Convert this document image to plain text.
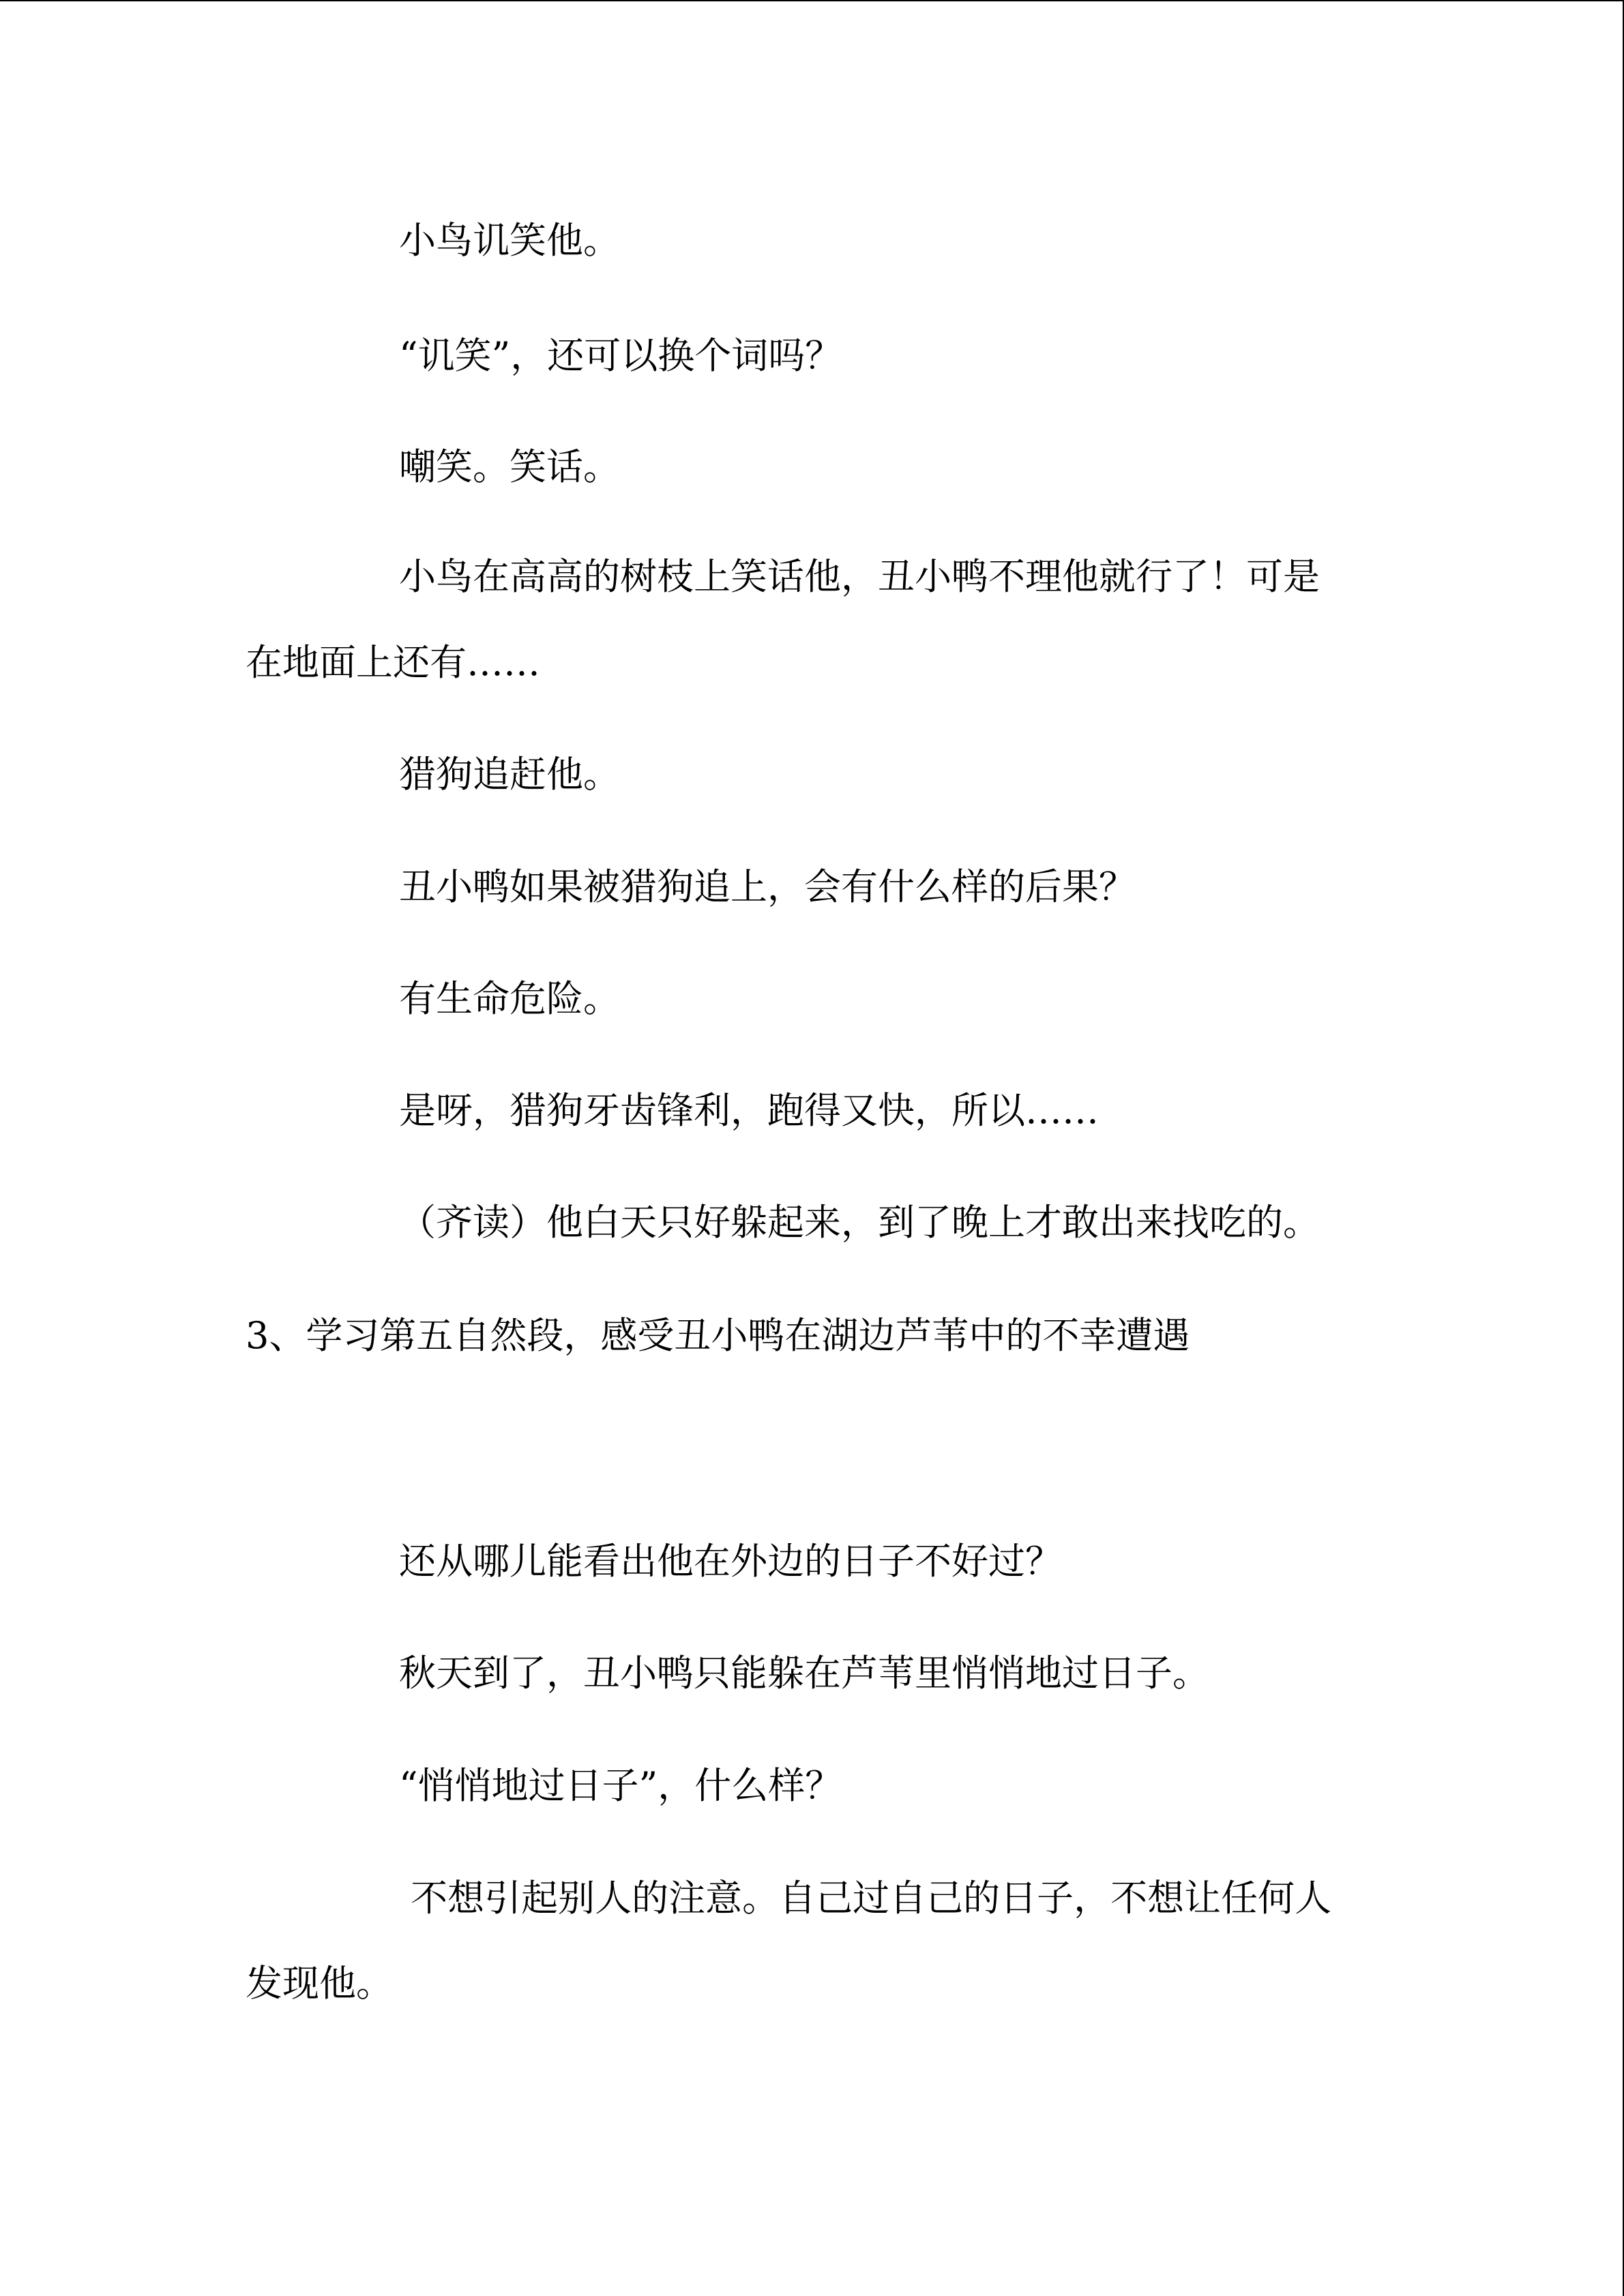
小鸟讥笑他。
“讥笑”，还可以换个词吗？
嘲笑。笑话。
小鸟在高高的树枝上笑话他，丑小鸭不理他就行了！可是
在地面上还有……
猎狗追赶他。
丑小鸭如果被猎狗追上，会有什么样的后果？
有生命危险。
是呀，猎狗牙齿锋利，跑得又快，所以……
（齐读）他白天只好躲起来，到了晚上才敢出来找吃的。
3、学习第五自然段，感受丑小鸭在湖边芦苇中的不幸遭遇
还从哪儿能看出他在外边的日子不好过？
秋天到了，丑小鸭只能躲在芦苇里悄悄地过日子。
“悄悄地过日子”，什么样？
不想引起别人的注意。自己过自己的日子，不想让任何人
发现他。
